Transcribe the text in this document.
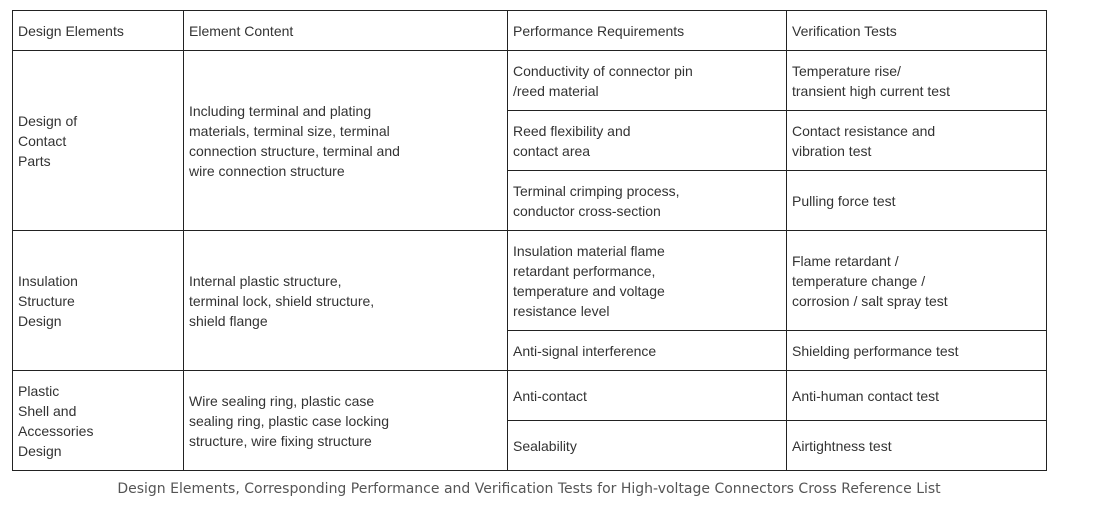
Design Elements	Element Content	Performance Requirements	Verification Tests

Design of
Contact
Parts	Including terminal and plating
materials, terminal size, terminal
connection structure, terminal and
wire connection structure	Conductivity of connector pin
/reed material	Temperature rise/
transient high current test

		Reed flexibility and
contact area	Contact resistance and
vibration test

		Terminal crimping process,
conductor cross-section	Pulling force test

Insulation
Structure
Design	Internal plastic structure,
terminal lock, shield structure,
shield flange	Insulation material flame
retardant performance,
temperature and voltage
resistance level	Flame retardant /
temperature change /
corrosion / salt spray test

		Anti-signal interference	Shielding performance test

Plastic
Shell and
Accessories
Design	Wire sealing ring, plastic case
sealing ring, plastic case locking
structure, wire fixing structure	Anti-contact	Anti-human contact test

		Sealability	Airtightness test
Design Elements, Corresponding Performance and Verification Tests for High-voltage Connectors Cross Reference List
